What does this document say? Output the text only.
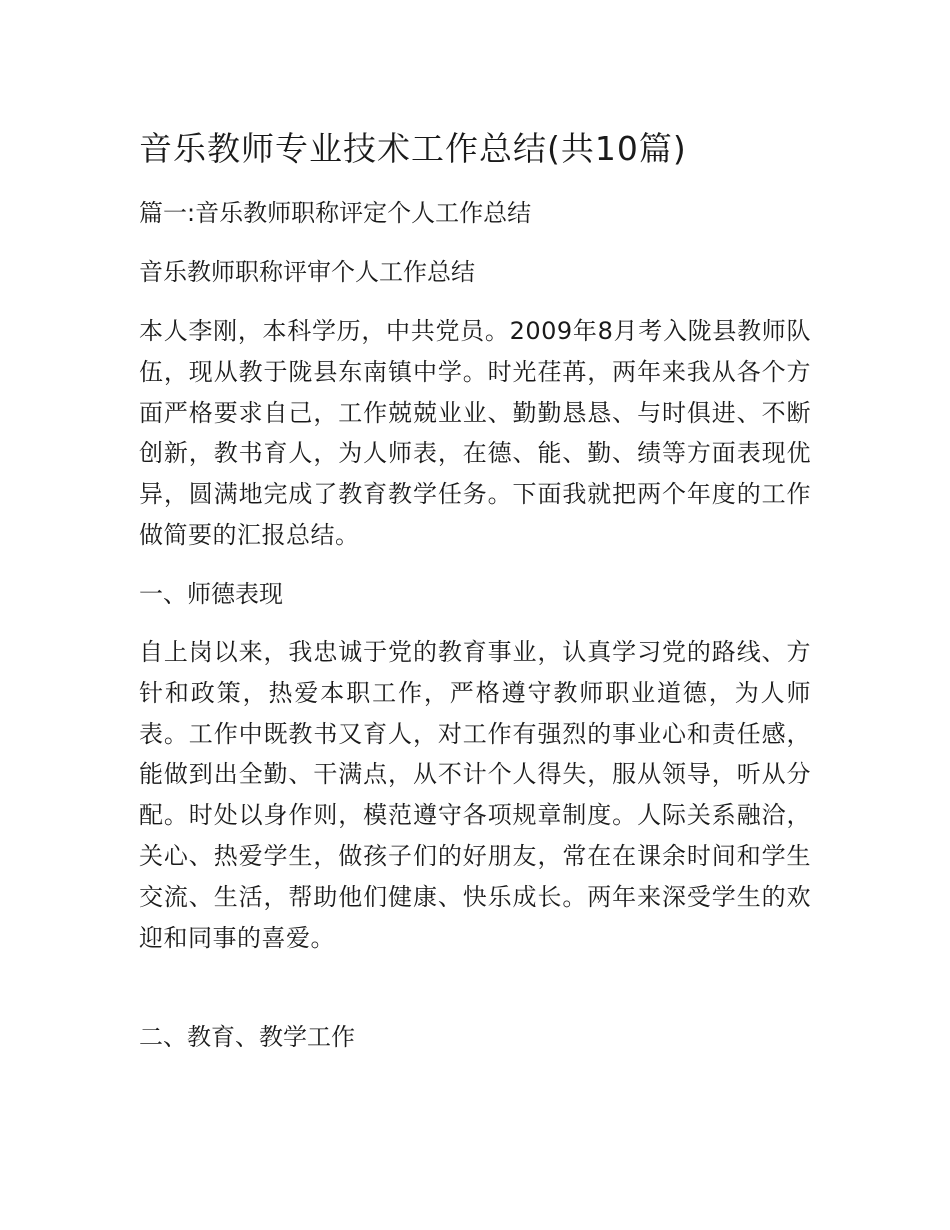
音乐教师专业技术工作总结(共10篇)

篇一:音乐教师职称评定个人工作总结

音乐教师职称评审个人工作总结

本人李刚，本科学历，中共党员。2009年8月考入陇县教师队伍，现从教于陇县东南镇中学。时光荏苒，两年来我从各个方面严格要求自己，工作兢兢业业、勤勤恳恳、与时俱进、不断创新，教书育人，为人师表，在德、能、勤、绩等方面表现优异，圆满地完成了教育教学任务。下面我就把两个年度的工作做简要的汇报总结。

一、师德表现

自上岗以来，我忠诚于党的教育事业，认真学习党的路线、方针和政策，热爱本职工作，严格遵守教师职业道德，为人师表。工作中既教书又育人，对工作有强烈的事业心和责任感，能做到出全勤、干满点，从不计个人得失，服从领导，听从分配。时处以身作则，模范遵守各项规章制度。人际关系融洽，关心、热爱学生，做孩子们的好朋友，常在在课余时间和学生交流、生活，帮助他们健康、快乐成长。两年来深受学生的欢迎和同事的喜爱。

二、教育、教学工作
